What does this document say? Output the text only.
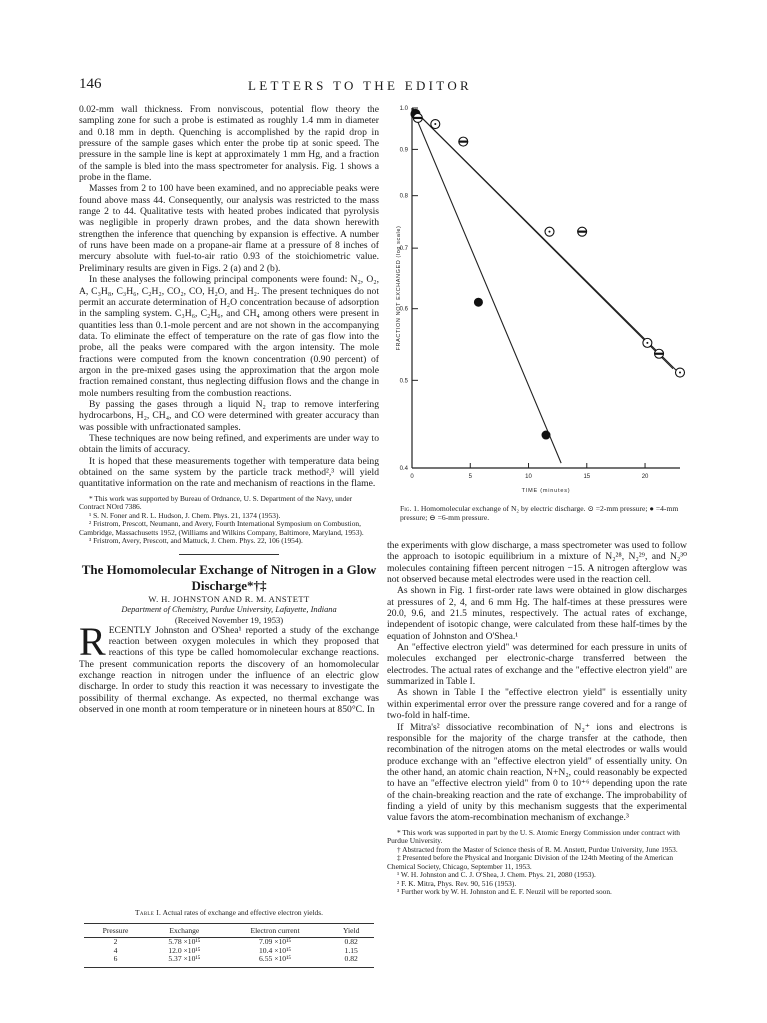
146	LETTERS TO THE EDITOR

0.02-mm wall thickness. From nonviscous, potential flow theory the sampling zone for such a probe is estimated as roughly 1.4 mm in diameter and 0.18 mm in depth. Quenching is accomplished by the rapid drop in pressure of the sample gases which enter the probe tip at sonic speed. The pressure in the sample line is kept at approximately 1 mm Hg, and a fraction of the sample is bled into the mass spectrometer for analysis. Fig. 1 shows a probe in the flame.

Masses from 2 to 100 have been examined, and no appreciable peaks were found above mass 44. Consequently, our analysis was restricted to the mass range 2 to 44. Qualitative tests with heated probes indicated that pyrolysis was negligible in properly drawn probes, and the data shown herewith strengthen the inference that quenching by expansion is effective. A number of runs have been made on a propane-air flame at a pressure of 8 inches of mercury absolute with fuel-to-air ratio 0.93 of the stoichiometric value. Preliminary results are given in Figs. 2 (a) and 2 (b).

In these analyses the following principal components were found: N₂, O₂, A, C₃H₈, C₃H₆, C₂H₂, CO₂, CO, H₂O, and H₂. The present techniques do not permit an accurate determination of H₂O concentration because of adsorption in the sampling system. C₃H₆, C₂H₆, and CH₄ among others were present in quantities less than 0.1-mole percent and are not shown in the accompanying data. To eliminate the effect of temperature on the rate of gas flow into the probe, all the peaks were compared with the argon intensity. The mole fractions were computed from the known concentration (0.90 percent) of argon in the pre-mixed gases using the approximation that the argon mole fraction remained constant, thus neglecting diffusion flows and the change in mole numbers resulting from the combustion reactions.

By passing the gases through a liquid N₂ trap to remove interfering hydrocarbons, H₂, CH₄, and CO were determined with greater accuracy than was possible with unfractionated samples.

These techniques are now being refined, and experiments are under way to obtain the limits of accuracy.

It is hoped that these measurements together with temperature data being obtained on the same system by the particle track method²,³ will yield quantitative information on the rate and mechanism of reactions in the flame.

* This work was supported by Bureau of Ordnance, U. S. Department of the Navy, under Contract NOrd 7386.

¹ S. N. Foner and R. L. Hudson, J. Chem. Phys. 21, 1374 (1953).

² Fristrom, Prescott, Neumann, and Avery, Fourth International Symposium on Combustion, Cambridge, Massachusetts 1952, (Williams and Wilkins Company, Baltimore, Maryland, 1953).

³ Fristrom, Avery, Prescott, and Mattuck, J. Chem. Phys. 22, 106 (1954).

The Homomolecular Exchange of Nitrogen in a Glow Discharge*†‡

W. H. JOHNSTON AND R. M. ANSTETT

Department of Chemistry, Purdue University, Lafayette, Indiana

(Received November 19, 1953)

RECENTLY Johnston and O'Shea¹ reported a study of the exchange reaction between oxygen molecules in which they proposed that reactions of this type be called homomolecular exchange reactions. The present communication reports the discovery of an homomolecular exchange reaction in nitrogen under the influence of an electric glow discharge. In order to study this reaction it was necessary to investigate the possibility of thermal exchange. As expected, no thermal exchange was observed in one month at room temperature or in nineteen hours at 850°C. In

1.0
0.9
0.8
0.7
0.6
0.5
0.4
0	5	10	15	20
TIME (minutes)
FRACTION NOT EXCHANGED (log scale)
Fig. 1. Homomolecular exchange of N₂ by electric discharge. ⊙ =2-mm pressure; ● =4-mm pressure; ⊖ =6-mm pressure.

the experiments with glow discharge, a mass spectrometer was used to follow the approach to isotopic equilibrium in a mixture of N₂²⁸, N₂²⁹, and N₂³⁰ molecules containing fifteen percent nitrogen −15. A nitrogen afterglow was not observed because metal electrodes were used in the reaction cell.

As shown in Fig. 1 first-order rate laws were obtained in glow discharges at pressures of 2, 4, and 6 mm Hg. The half-times at these pressures were 20.0, 9.6, and 21.5 minutes, respectively. The actual rates of exchange, independent of isotopic change, were calculated from these half-times by the equation of Johnston and O'Shea.¹

An "effective electron yield" was determined for each pressure in units of molecules exchanged per electronic-charge transferred between the electrodes. The actual rates of exchange and the "effective electron yield" are summarized in Table I.

As shown in Table I the "effective electron yield" is essentially unity within experimental error over the pressure range covered and for a range of two-fold in half-time.

If Mitra's² dissociative recombination of N₂⁺ ions and electrons is responsible for the majority of the charge transfer at the cathode, then recombination of the nitrogen atoms on the metal electrodes or walls would produce exchange with an "effective electron yield" of essentially unity. On the other hand, an atomic chain reaction, N+N₂, could reasonably be expected to have an "effective electron yield" from 0 to 10⁺⁶ depending upon the rate of the chain-breaking reaction and the rate of exchange. The improbability of finding a yield of unity by this mechanism suggests that the experimental value favors the atom-recombination mechanism of exchange.³

* This work was supported in part by the U. S. Atomic Energy Commission under contract with Purdue University.

† Abstracted from the Master of Science thesis of R. M. Anstett, Purdue University, June 1953.

‡ Presented before the Physical and Inorganic Division of the 124th Meeting of the American Chemical Society, Chicago, September 11, 1953.

¹ W. H. Johnston and C. J. O'Shea, J. Chem. Phys. 21, 2080 (1953).

² F. K. Mitra, Phys. Rev. 90, 516 (1953).

³ Further work by W. H. Johnston and E. F. Neuzil will be reported soon.

Table I. Actual rates of exchange and effective electron yields.

Pressure	Exchange	Electron current	Yield
2	5.78 ×10¹⁵	7.09 ×10¹⁵	0.82
4	12.0 ×10¹⁵	10.4 ×10¹⁵	1.15
6	5.37 ×10¹⁵	6.55 ×10¹⁵	0.82
